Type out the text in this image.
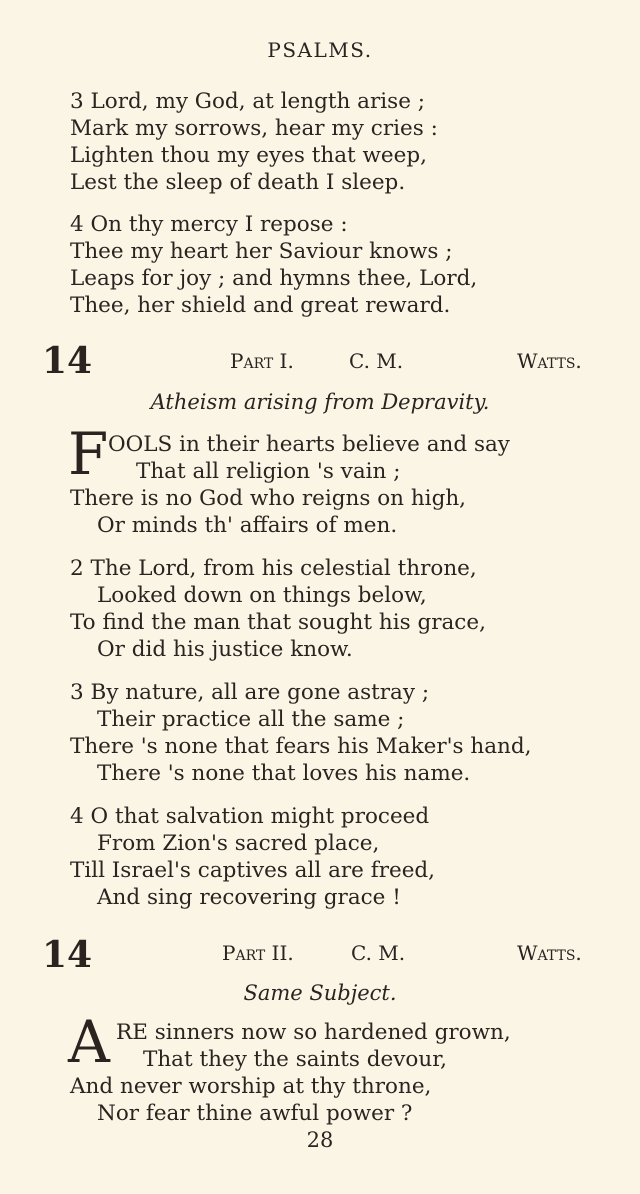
PSALMS.
3 Lord, my God, at length arise ;
Mark my sorrows, hear my cries :
Lighten thou my eyes that weep,
Lest the sleep of death I sleep.
4 On thy mercy I repose :
Thee my heart her Saviour knows ;
Leaps for joy ; and hymns thee, Lord,
Thee, her shield and great reward.
14	Part I.	C. M.	Watts.
Atheism arising from Depravity.
F OOLS in their hearts believe and say
That all religion 's vain ;
There is no God who reigns on high,
Or minds th' affairs of men.
2 The Lord, from his celestial throne,
Looked down on things below,
To find the man that sought his grace,
Or did his justice know.
3 By nature, all are gone astray ;
Their practice all the same ;
There 's none that fears his Maker's hand,
There 's none that loves his name.
4 O that salvation might proceed
From Zion's sacred place,
Till Israel's captives all are freed,
And sing recovering grace !
14	Part II.	C. M.	Watts.
Same Subject.
A RE sinners now so hardened grown,
That they the saints devour,
And never worship at thy throne,
Nor fear thine awful power ?
28
